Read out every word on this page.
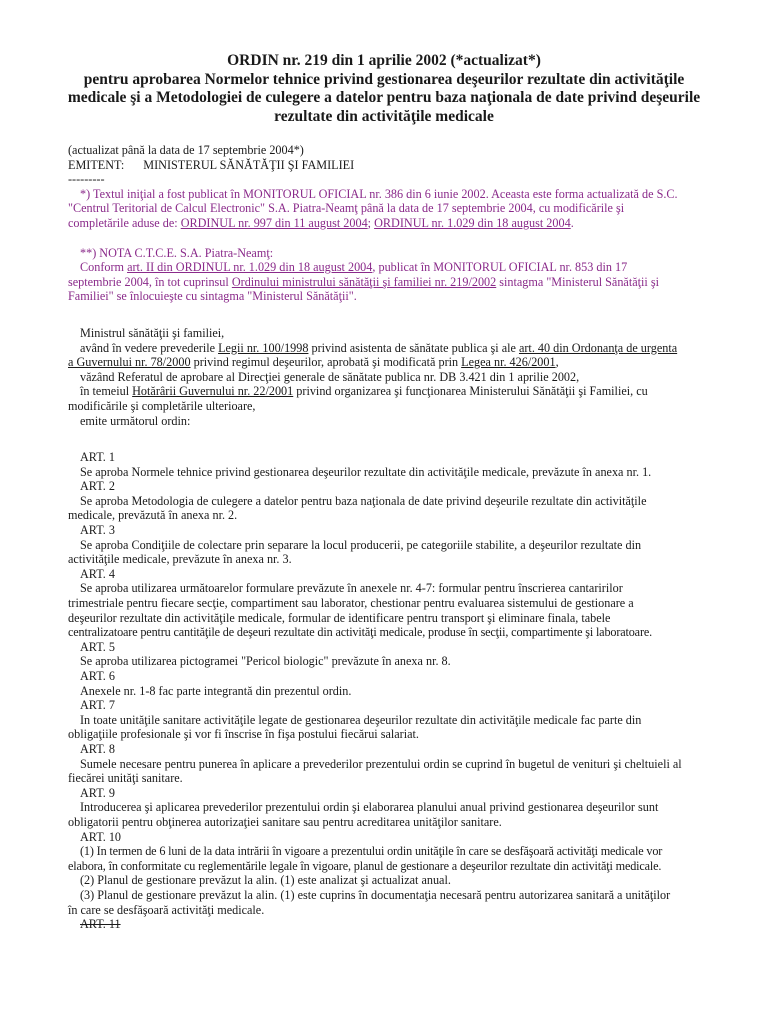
ORDIN nr. 219 din 1 aprilie 2002 (*actualizat*)
pentru aprobarea Normelor tehnice privind gestionarea deşeurilor rezultate din activităţile
medicale şi a Metodologiei de culegere a datelor pentru baza naţionala de date privind deşeurile
rezultate din activităţile medicale
(actualizat până la data de 17 septembrie 2004*)
EMITENT: MINISTERUL SĂNĂTĂŢII ŞI FAMILIEI
---------
*) Textul iniţial a fost publicat în MONITORUL OFICIAL nr. 386 din 6 iunie 2002. Aceasta este forma actualizată de S.C.
"Centrul Teritorial de Calcul Electronic" S.A. Piatra-Neamţ până la data de 17 septembrie 2004, cu modificările şi
completările aduse de: ORDINUL nr. 997 din 11 august 2004; ORDINUL nr. 1.029 din 18 august 2004.
**) NOTA C.T.C.E. S.A. Piatra-Neamţ:
Conform art. II din ORDINUL nr. 1.029 din 18 august 2004, publicat în MONITORUL OFICIAL nr. 853 din 17
septembrie 2004, în tot cuprinsul Ordinului ministrului sănătăţii şi familiei nr. 219/2002 sintagma "Ministerul Sănătăţii şi
Familiei" se înlocuieşte cu sintagma "Ministerul Sănătăţii".
Ministrul sănătăţii şi familiei,
având în vedere prevederile Legii nr. 100/1998 privind asistenta de sănătate publica şi ale art. 40 din Ordonanţa de urgenta
a Guvernului nr. 78/2000 privind regimul deşeurilor, aprobată şi modificată prin Legea nr. 426/2001,
văzând Referatul de aprobare al Direcţiei generale de sănătate publica nr. DB 3.421 din 1 aprilie 2002,
în temeiul Hotărârii Guvernului nr. 22/2001 privind organizarea şi funcţionarea Ministerului Sănătăţii şi Familiei, cu
modificările şi completările ulterioare,
emite următorul ordin:
ART. 1
Se aproba Normele tehnice privind gestionarea deşeurilor rezultate din activităţile medicale, prevăzute în anexa nr. 1.
ART. 2
Se aproba Metodologia de culegere a datelor pentru baza naţionala de date privind deşeurile rezultate din activităţile
medicale, prevăzută în anexa nr. 2.
ART. 3
Se aproba Condiţiile de colectare prin separare la locul producerii, pe categoriile stabilite, a deşeurilor rezultate din
activităţile medicale, prevăzute în anexa nr. 3.
ART. 4
Se aproba utilizarea următoarelor formulare prevăzute în anexele nr. 4-7: formular pentru înscrierea cantaririlor
trimestriale pentru fiecare secţie, compartiment sau laborator, chestionar pentru evaluarea sistemului de gestionare a
deşeurilor rezultate din activităţile medicale, formular de identificare pentru transport şi eliminare finala, tabele
centralizatoare pentru cantităţile de deşeuri rezultate din activităţi medicale, produse în secţii, compartimente şi laboratoare.
ART. 5
Se aproba utilizarea pictogramei "Pericol biologic" prevăzute în anexa nr. 8.
ART. 6
Anexele nr. 1-8 fac parte integrantă din prezentul ordin.
ART. 7
In toate unităţile sanitare activităţile legate de gestionarea deşeurilor rezultate din activităţile medicale fac parte din
obligaţiile profesionale şi vor fi înscrise în fişa postului fiecărui salariat.
ART. 8
Sumele necesare pentru punerea în aplicare a prevederilor prezentului ordin se cuprind în bugetul de venituri şi cheltuieli al
fiecărei unităţi sanitare.
ART. 9
Introducerea şi aplicarea prevederilor prezentului ordin şi elaborarea planului anual privind gestionarea deşeurilor sunt
obligatorii pentru obţinerea autorizaţiei sanitare sau pentru acreditarea unităţilor sanitare.
ART. 10
(1) In termen de 6 luni de la data intrării în vigoare a prezentului ordin unităţile în care se desfăşoară activităţi medicale vor
elabora, în conformitate cu reglementările legale în vigoare, planul de gestionare a deşeurilor rezultate din activităţi medicale.
(2) Planul de gestionare prevăzut la alin. (1) este analizat şi actualizat anual.
(3) Planul de gestionare prevăzut la alin. (1) este cuprins în documentaţia necesară pentru autorizarea sanitară a unităţilor
în care se desfăşoară activităţi medicale.
ART. 11
